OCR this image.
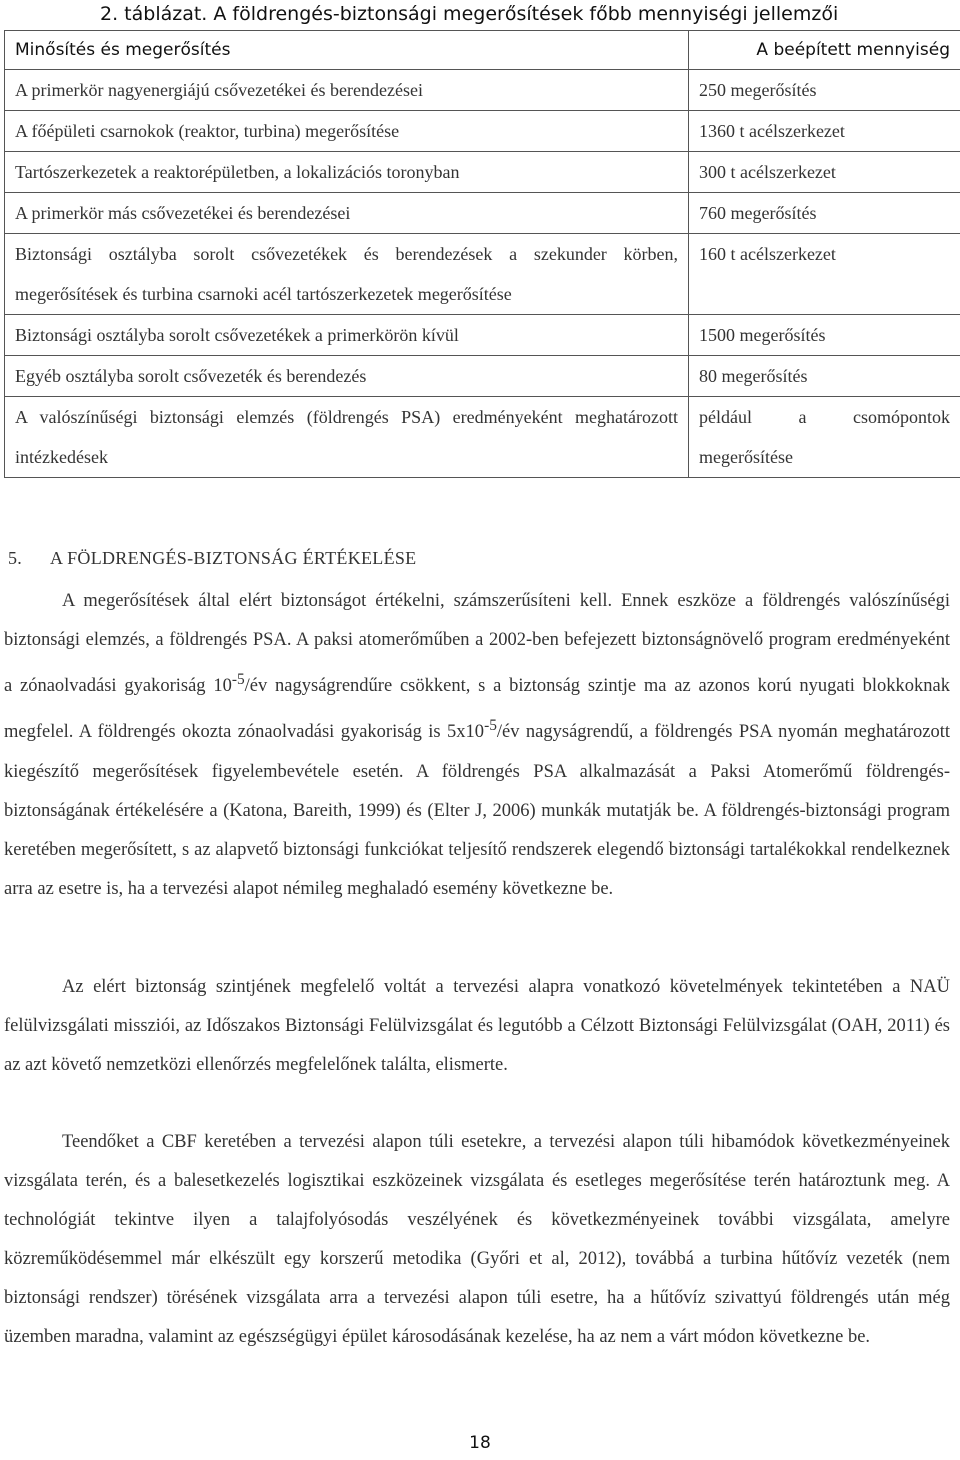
2. táblázat. A földrengés-biztonsági megerősítések főbb mennyiségi jellemzői
Minősítés és megerősítés	A beépített mennyiség
A primerkör nagyenergiájú csővezetékei és berendezései	250 megerősítés
A főépületi csarnokok (reaktor, turbina) megerősítése	1360 t acélszerkezet
Tartószerkezetek a reaktorépületben, a lokalizációs toronyban	300 t acélszerkezet
A primerkör más csővezetékei és berendezései	760 megerősítés
Biztonsági osztályba sorolt csővezetékek és berendezések a szekunder körben, megerősítések és turbina csarnoki acél tartószerkezetek megerősítése	160 t acélszerkezet
Biztonsági osztályba sorolt csővezetékek a primerkörön kívül	1500 megerősítés
Egyéb osztályba sorolt csővezeték és berendezés	80 megerősítés
A valószínűségi biztonsági elemzés (földrengés PSA) eredményeként meghatározott intézkedések	például a csomópontok megerősítése
5. A FÖLDRENGÉS-BIZTONSÁG ÉRTÉKELÉSE

A megerősítések által elért biztonságot értékelni, számszerűsíteni kell. Ennek eszköze a földrengés valószínűségi biztonsági elemzés, a földrengés PSA. A paksi atomerőműben a 2002-ben befejezett biztonságnövelő program eredményeként a zónaolvadási gyakoriság $10^{-5}/év$ nagyságrendűre csökkent, s a biztonság szintje ma az azonos korú nyugati blokkoknak megfelel. A földrengés okozta zónaolvadási gyakoriság is $5x10^{-5}/év$ nagyságrendű, a földrengés PSA nyomán meghatározott kiegészítő megerősítések figyelembevétele esetén. A földrengés PSA alkalmazását a Paksi Atomerőmű földrengés-biztonságának értékelésére a (Katona, Bareith, 1999) és (Elter J, 2006) munkák mutatják be. A földrengés-biztonsági program keretében megerősített, s az alapvető biztonsági funkciókat teljesítő rendszerek elegendő biztonsági tartalékokkal rendelkeznek arra az esetre is, ha a tervezési alapot némileg meghaladó esemény következne be.

Az elért biztonság szintjének megfelelő voltát a tervezési alapra vonatkozó követelmények tekintetében a NAÜ felülvizsgálati missziói, az Időszakos Biztonsági Felülvizsgálat és legutóbb a Célzott Biztonsági Felülvizsgálat (OAH, 2011) és az azt követő nemzetközi ellenőrzés megfelelőnek találta, elismerte.

Teendőket a CBF keretében a tervezési alapon túli esetekre, a tervezési alapon túli hibamódok következményeinek vizsgálata terén, és a balesetkezelés logisztikai eszközeinek vizsgálata és esetleges megerősítése terén határoztunk meg. A technológiát tekintve ilyen a talajfolyósodás veszélyének és következményeinek további vizsgálata, amelyre közreműködésemmel már elkészült egy korszerű metodika (Győri et al, 2012), továbbá a turbina hűtővíz vezeték (nem biztonsági rendszer) törésének vizsgálata arra a tervezési alapon túli esetre, ha a hűtővíz szivattyú földrengés után még üzemben maradna, valamint az egészségügyi épület károsodásának kezelése, ha az nem a várt módon következne be.

18
